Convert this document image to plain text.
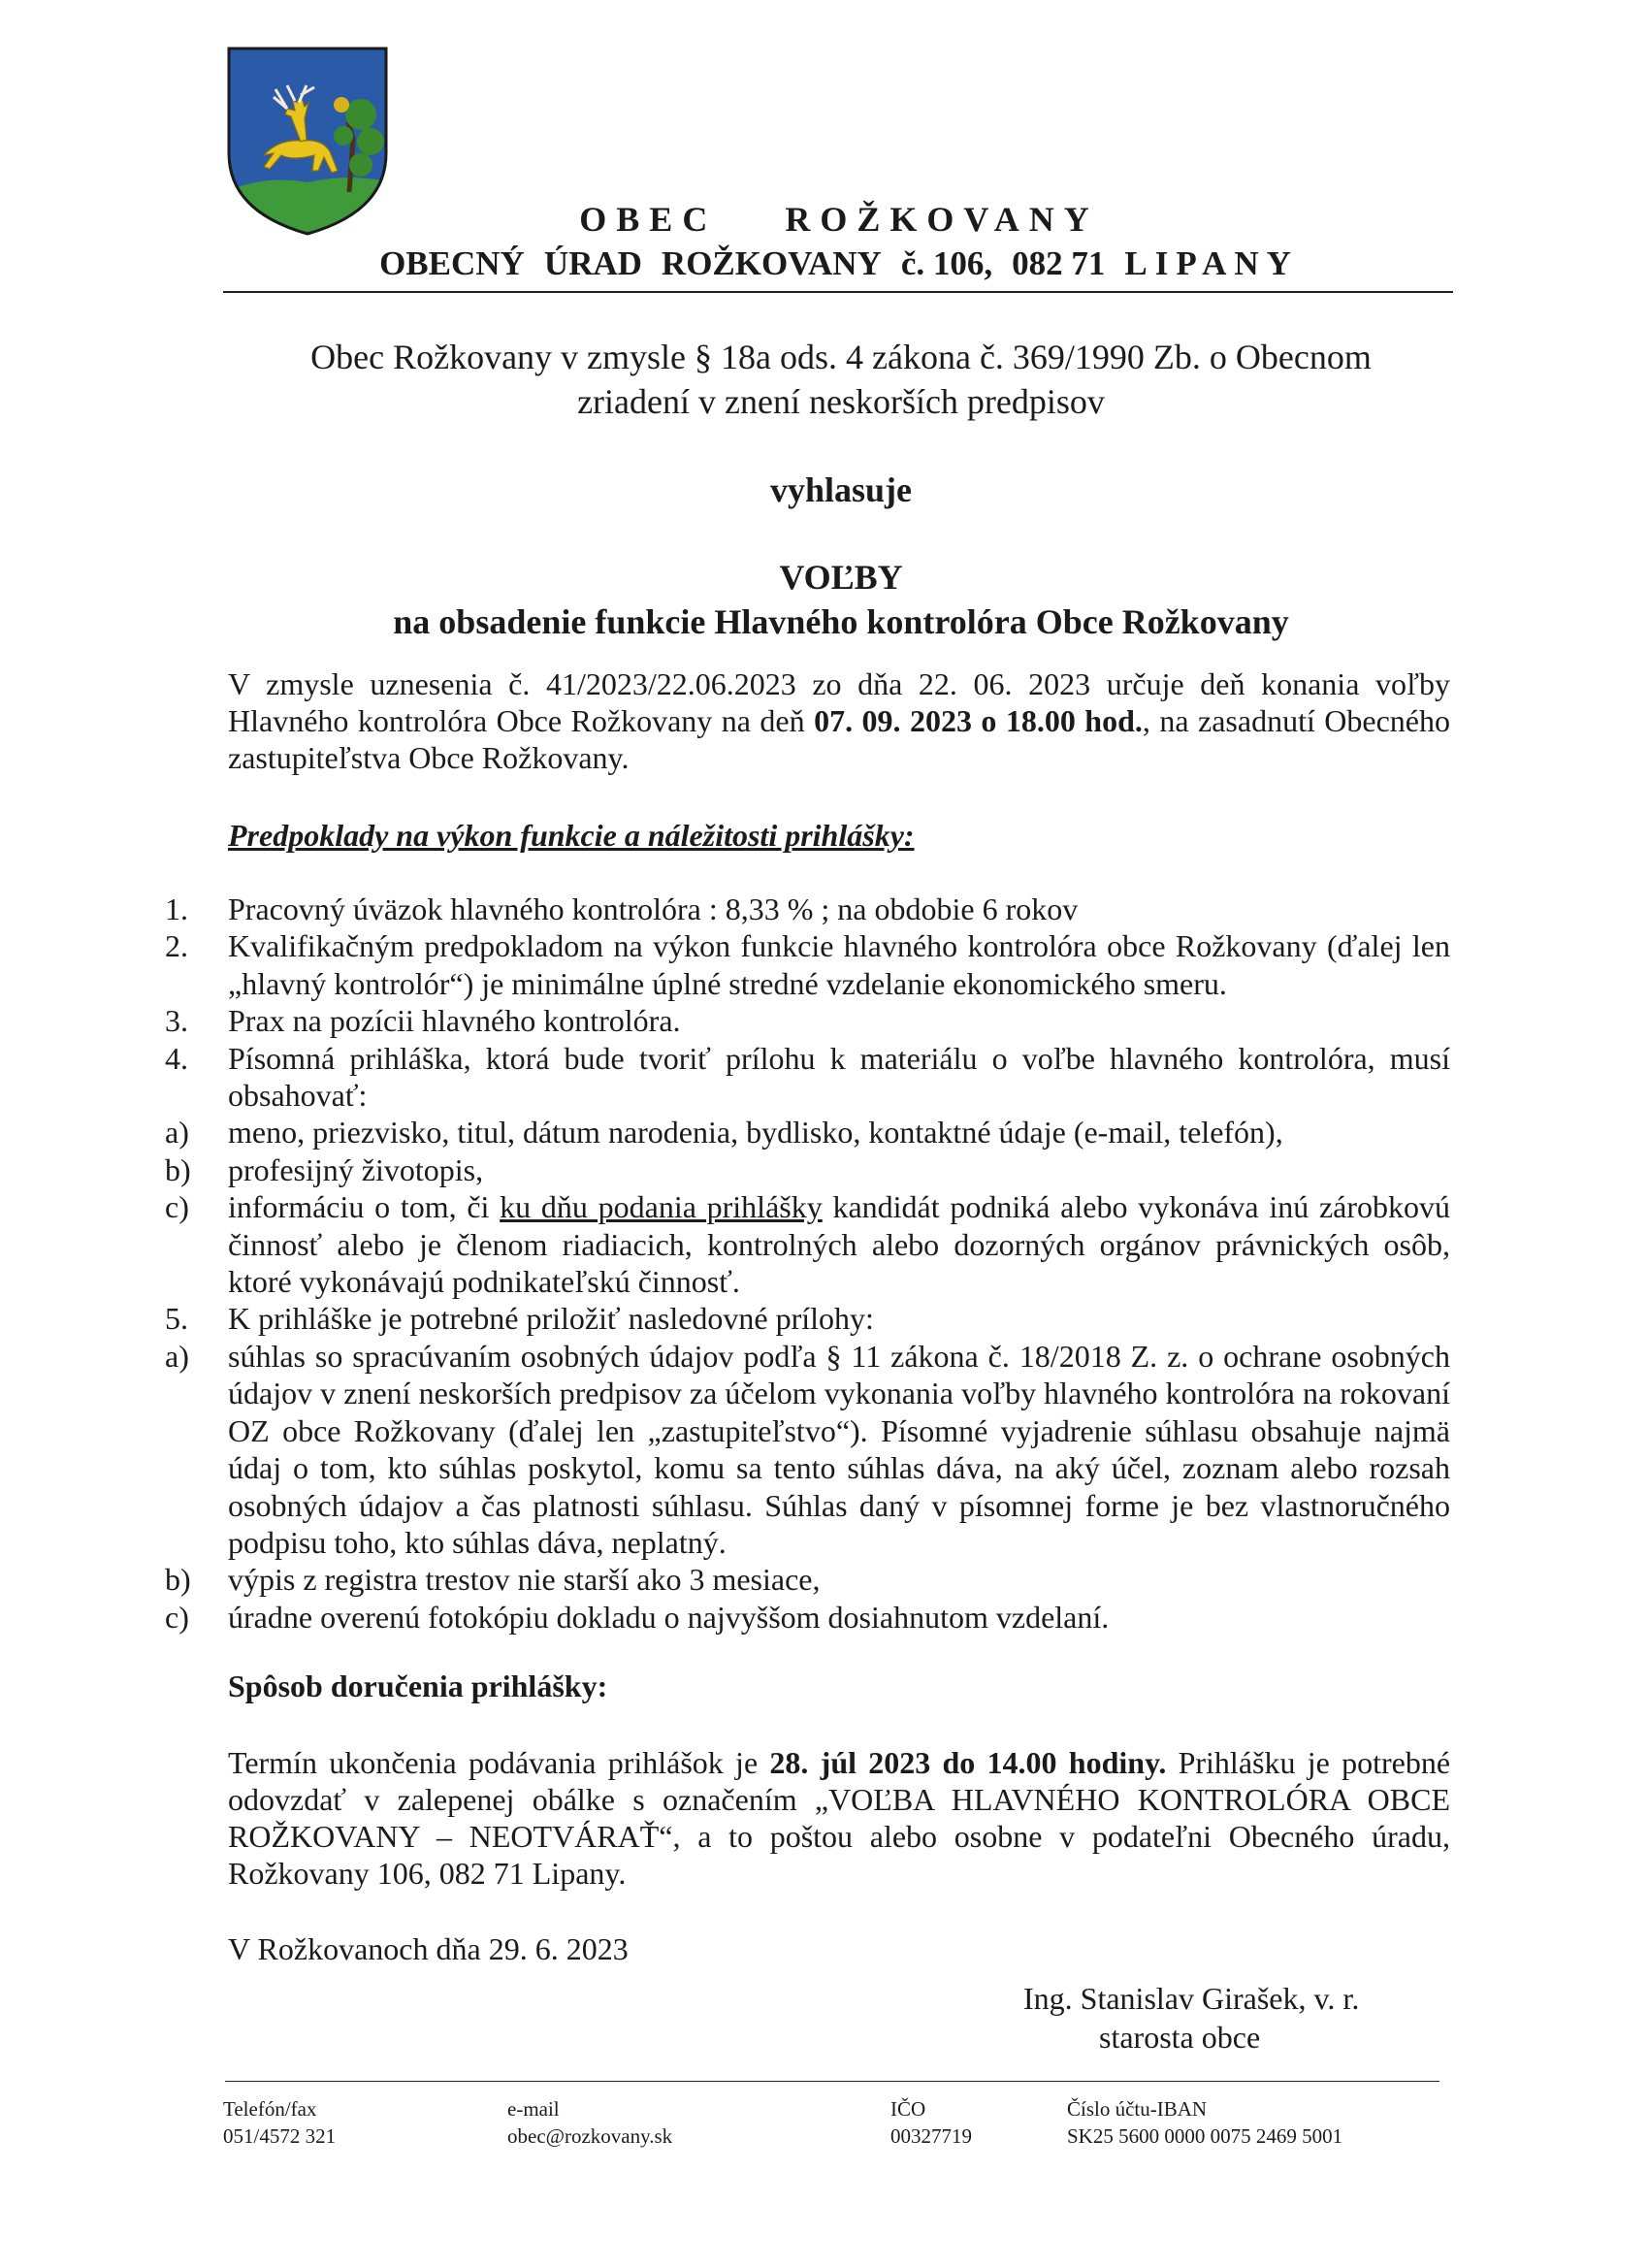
OBEC ROŽKOVANY
OBECNÝ ÚRAD ROŽKOVANY č. 106, 082 71 LIPANY
Obec Rožkovany v zmysle § 18a ods. 4 zákona č. 369/1990 Zb. o Obecnom
zriadení v znení neskorších predpisov
vyhlasuje
VOĽBY
na obsadenie funkcie Hlavného kontrolóra Obce Rožkovany
V zmysle uznesenia č. 41/2023/22.06.2023 zo dňa 22. 06. 2023 určuje deň konania voľby Hlavného kontrolóra Obce Rožkovany na deň 07. 09. 2023 o 18.00 hod., na zasadnutí Obecného zastupiteľstva Obce Rožkovany.
Predpoklady na výkon funkcie a náležitosti prihlášky:
1.	Pracovný úväzok hlavného kontrolóra : 8,33 % ; na obdobie 6 rokov
2.	Kvalifikačným predpokladom na výkon funkcie hlavného kontrolóra obce Rožkovany (ďalej len „hlavný kontrolór“) je minimálne úplné stredné vzdelanie ekonomického smeru.
3.	Prax na pozícii hlavného kontrolóra.
4.	Písomná prihláška, ktorá bude tvoriť prílohu k materiálu o voľbe hlavného kontrolóra, musí obsahovať:
a)	meno, priezvisko, titul, dátum narodenia, bydlisko, kontaktné údaje (e-mail, telefón),
b)	profesijný životopis,
c)	informáciu o tom, či ku dňu podania prihlášky kandidát podniká alebo vykonáva inú zárobkovú činnosť alebo je členom riadiacich, kontrolných alebo dozorných orgánov právnických osôb, ktoré vykonávajú podnikateľskú činnosť.
5.	K prihláške je potrebné priložiť nasledovné prílohy:
a)	súhlas so spracúvaním osobných údajov podľa § 11 zákona č. 18/2018 Z. z. o ochrane osobných údajov v znení neskorších predpisov za účelom vykonania voľby hlavného kontrolóra na rokovaní OZ obce Rožkovany (ďalej len „zastupiteľstvo“). Písomné vyjadrenie súhlasu obsahuje najmä údaj o tom, kto súhlas poskytol, komu sa tento súhlas dáva, na aký účel, zoznam alebo rozsah osobných údajov a čas platnosti súhlasu. Súhlas daný v písomnej forme je bez vlastnoručného podpisu toho, kto súhlas dáva, neplatný.
b)	výpis z registra trestov nie starší ako 3 mesiace,
c)	úradne overenú fotokópiu dokladu o najvyššom dosiahnutom vzdelaní.
Spôsob doručenia prihlášky:
Termín ukončenia podávania prihlášok je 28. júl 2023 do 14.00 hodiny. Prihlášku je potrebné odovzdať v zalepenej obálke s označením „VOĽBA HLAVNÉHO KONTROLÓRA OBCE ROŽKOVANY – NEOTVÁRAŤ“, a to poštou alebo osobne v podateľni Obecného úradu, Rožkovany 106, 082 71 Lipany.
V Rožkovanoch dňa 29. 6. 2023
Ing. Stanislav Girašek, v. r.
starosta obce
Telefón/fax
051/4572 321
e-mail
obec@rozkovany.sk
IČO
00327719
Číslo účtu-IBAN
SK25 5600 0000 0075 2469 5001
